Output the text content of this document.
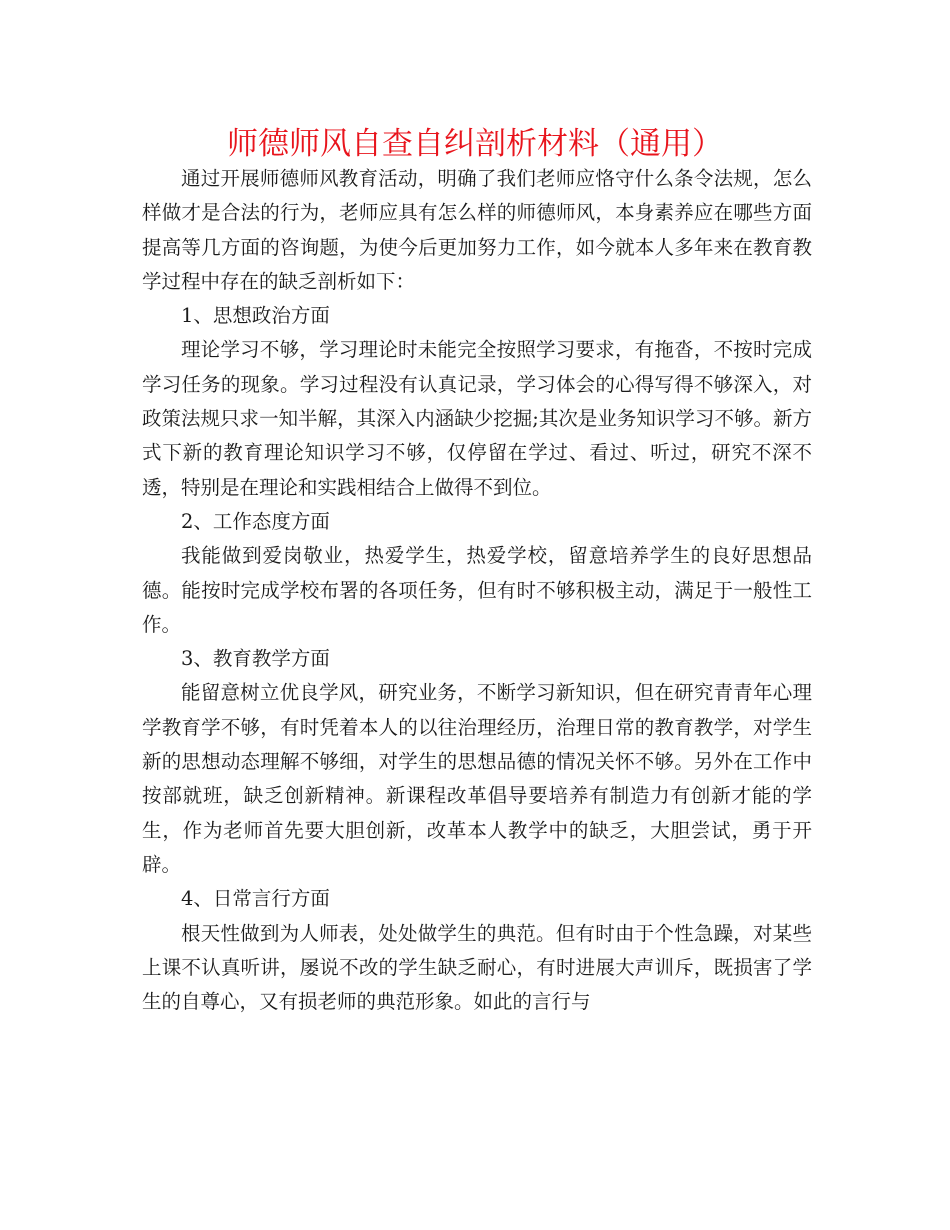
师德师风自查自纠剖析材料（通用）

通过开展师德师风教育活动，明确了我们老师应恪守什么条令法规，怎么样做才是合法的行为，老师应具有怎么样的师德师风，本身素养应在哪些方面提高等几方面的咨询题，为使今后更加努力工作，如今就本人多年来在教育教学过程中存在的缺乏剖析如下：

1、思想政治方面

理论学习不够，学习理论时未能完全按照学习要求，有拖沓，不按时完成学习任务的现象。学习过程没有认真记录，学习体会的心得写得不够深入，对政策法规只求一知半解，其深入内涵缺少挖掘;其次是业务知识学习不够。新方式下新的教育理论知识学习不够，仅停留在学过、看过、听过，研究不深不透，特别是在理论和实践相结合上做得不到位。

2、工作态度方面

我能做到爱岗敬业，热爱学生，热爱学校，留意培养学生的良好思想品德。能按时完成学校布署的各项任务，但有时不够积极主动，满足于一般性工作。

3、教育教学方面

能留意树立优良学风，研究业务，不断学习新知识，但在研究青青年心理学教育学不够，有时凭着本人的以往治理经历，治理日常的教育教学，对学生新的思想动态理解不够细，对学生的思想品德的情况关怀不够。另外在工作中按部就班，缺乏创新精神。新课程改革倡导要培养有制造力有创新才能的学生，作为老师首先要大胆创新，改革本人教学中的缺乏，大胆尝试，勇于开辟。

4、日常言行方面

根天性做到为人师表，处处做学生的典范。但有时由于个性急躁，对某些上课不认真听讲，屡说不改的学生缺乏耐心，有时进展大声训斥，既损害了学生的自尊心，又有损老师的典范形象。如此的言行与
